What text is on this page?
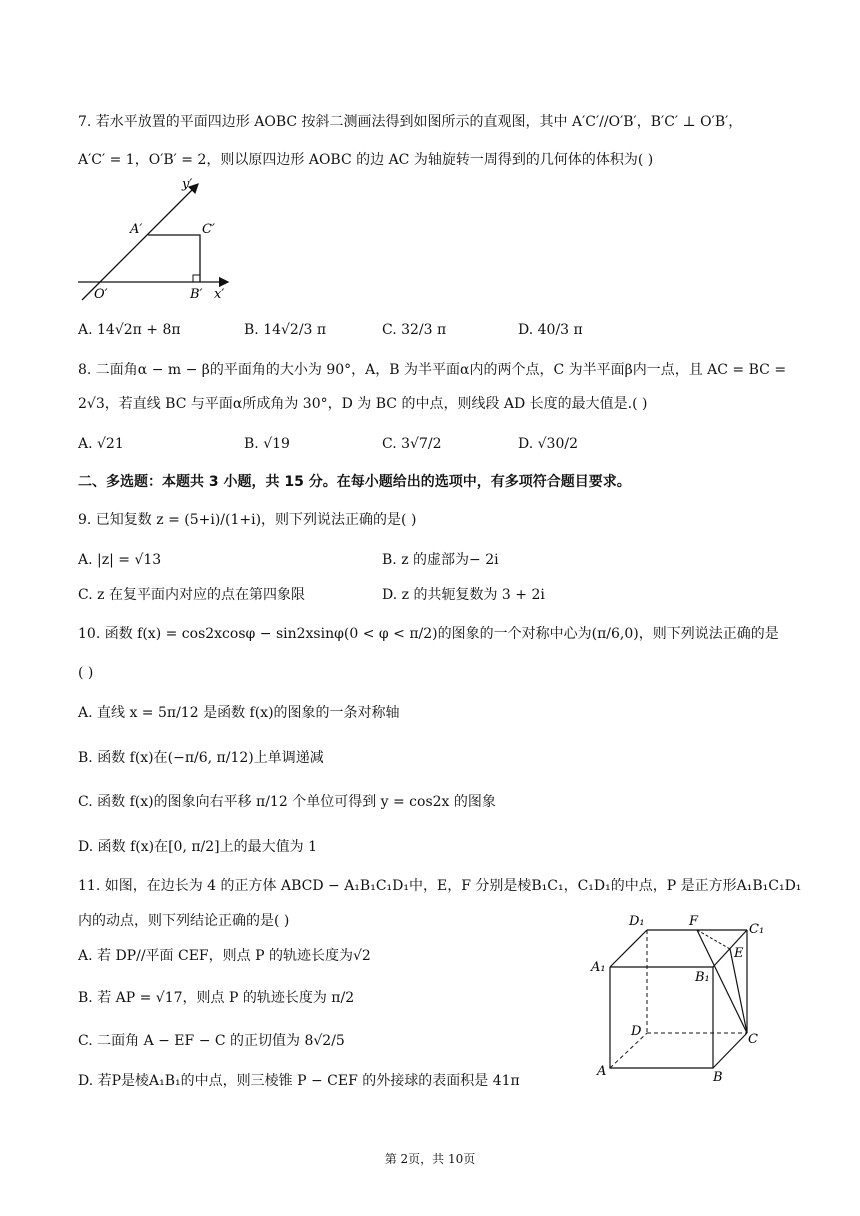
7. 若水平放置的平面四边形 AOBC 按斜二测画法得到如图所示的直观图，其中 A′C′//O′B′，B′C′ ⊥ O′B′，
A′C′ = 1，O′B′ = 2，则以原四边形 AOBC 的边 AC 为轴旋转一周得到的几何体的体积为( )
y′
A′	C′
O′	B′ x′
A. 14√2π + 8π	B. 14√2/3 π	C. 32/3 π	D. 40/3 π
8. 二面角α − m − β的平面角的大小为 90°，A，B 为半平面α内的两个点，C 为半平面β内一点，且 AC = BC =
2√3，若直线 BC 与平面α所成角为 30°，D 为 BC 的中点，则线段 AD 长度的最大值是.( )
A. √21	B. √19	C. 3√7/2	D. √30/2
二、多选题：本题共 3 小题，共 15 分。在每小题给出的选项中，有多项符合题目要求。
9. 已知复数 z = (5+i)/(1+i)，则下列说法正确的是( )
A. |z| = √13	B. z 的虚部为− 2i
C. z 在复平面内对应的点在第四象限	D. z 的共轭复数为 3 + 2i
10. 函数 f(x) = cos2xcosφ − sin2xsinφ(0 < φ < π/2)的图象的一个对称中心为(π/6,0)，则下列说法正确的是
( )
A. 直线 x = 5π/12 是函数 f(x)的图象的一条对称轴
B. 函数 f(x)在(−π/6, π/12)上单调递减
C. 函数 f(x)的图象向右平移 π/12 个单位可得到 y = cos2x 的图象
D. 函数 f(x)在[0, π/2]上的最大值为 1
11. 如图，在边长为 4 的正方体 ABCD − A₁B₁C₁D₁中，E，F 分别是棱B₁C₁，C₁D₁的中点，P 是正方形A₁B₁C₁D₁
内的动点，则下列结论正确的是( )
A. 若 DP//平面 CEF，则点 P 的轨迹长度为√2
B. 若 AP = √17，则点 P 的轨迹长度为 π/2
C. 二面角 A − EF − C 的正切值为 8√2/5
D. 若P是棱A₁B₁的中点，则三棱锥 P − CEF 的外接球的表面积是 41π
D₁	F
C₁
A₁
E
B₁
D
C
A	B
第 2页，共 10页
